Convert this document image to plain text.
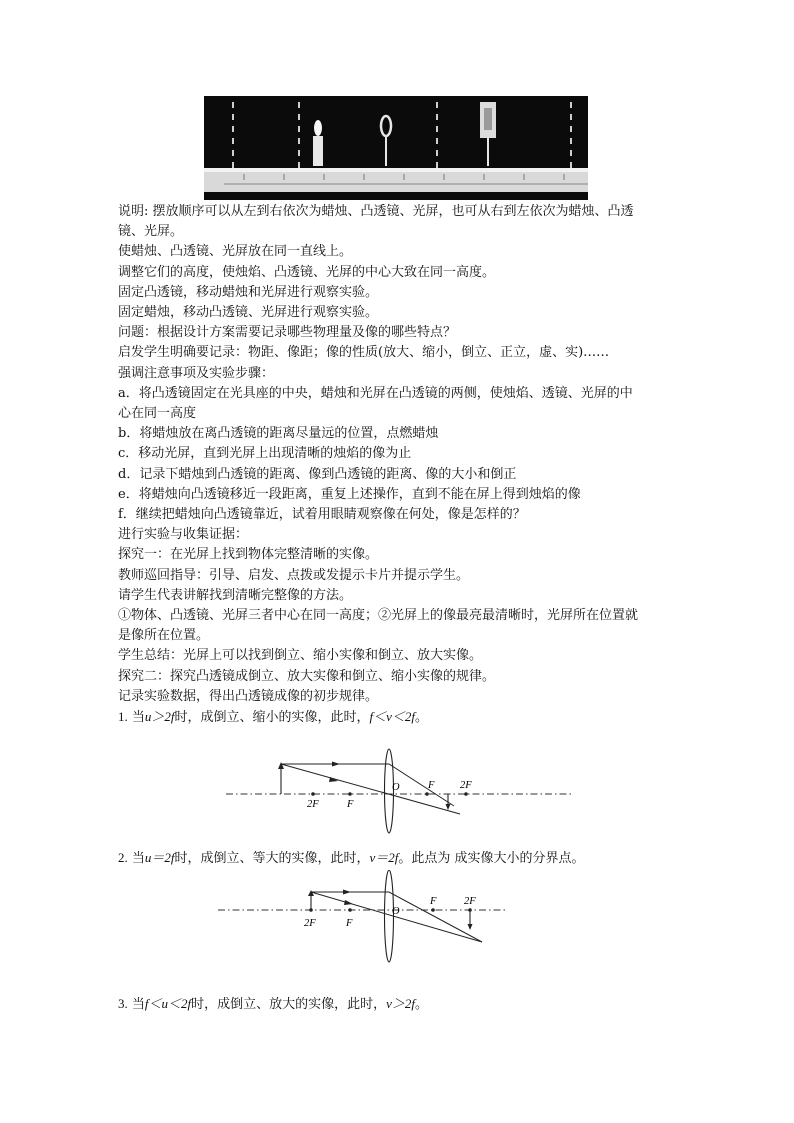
说明: 摆放顺序可以从左到右依次为蜡烛、凸透镜、光屏，也可从右到左依次为蜡烛、凸透
镜、光屏。
使蜡烛、凸透镜、光屏放在同一直线上。
调整它们的高度，使烛焰、凸透镜、光屏的中心大致在同一高度。
固定凸透镜，移动蜡烛和光屏进行观察实验。
固定蜡烛，移动凸透镜、光屏进行观察实验。
问题：根据设计方案需要记录哪些物理量及像的哪些特点？
启发学生明确要记录：物距、像距；像的性质(放大、缩小，倒立、正立，虚、实)……
强调注意事项及实验步骤：
a．将凸透镜固定在光具座的中央，蜡烛和光屏在凸透镜的两侧，使烛焰、透镜、光屏的中
心在同一高度
b．将蜡烛放在离凸透镜的距离尽量远的位置，点燃蜡烛
c．移动光屏，直到光屏上出现清晰的烛焰的像为止
d．记录下蜡烛到凸透镜的距离、像到凸透镜的距离、像的大小和倒正
e．将蜡烛向凸透镜移近一段距离，重复上述操作，直到不能在屏上得到烛焰的像
f．继续把蜡烛向凸透镜靠近，试着用眼睛观察像在何处，像是怎样的？
进行实验与收集证据：
探究一：在光屏上找到物体完整清晰的实像。
教师巡回指导：引导、启发、点拨或发提示卡片并提示学生。
请学生代表讲解找到清晰完整像的方法。
①物体、凸透镜、光屏三者中心在同一高度；②光屏上的像最亮最清晰时，光屏所在位置就
是像所在位置。
学生总结：光屏上可以找到倒立、缩小实像和倒立、放大实像。
探究二：探究凸透镜成倒立、放大实像和倒立、缩小实像的规律。
记录实验数据，得出凸透镜成像的初步规律。
1. 当u＞2f时，成倒立、缩小的实像，此时，f＜v＜2f。
O	F 2F
2F	F
2. 当u＝2f时，成倒立、等大的实像，此时，v＝2f。此点为 成实像大小的分界点。
O
F	2F
2F	F
3. 当f＜u＜2f时，成倒立、放大的实像，此时，v＞2f。
